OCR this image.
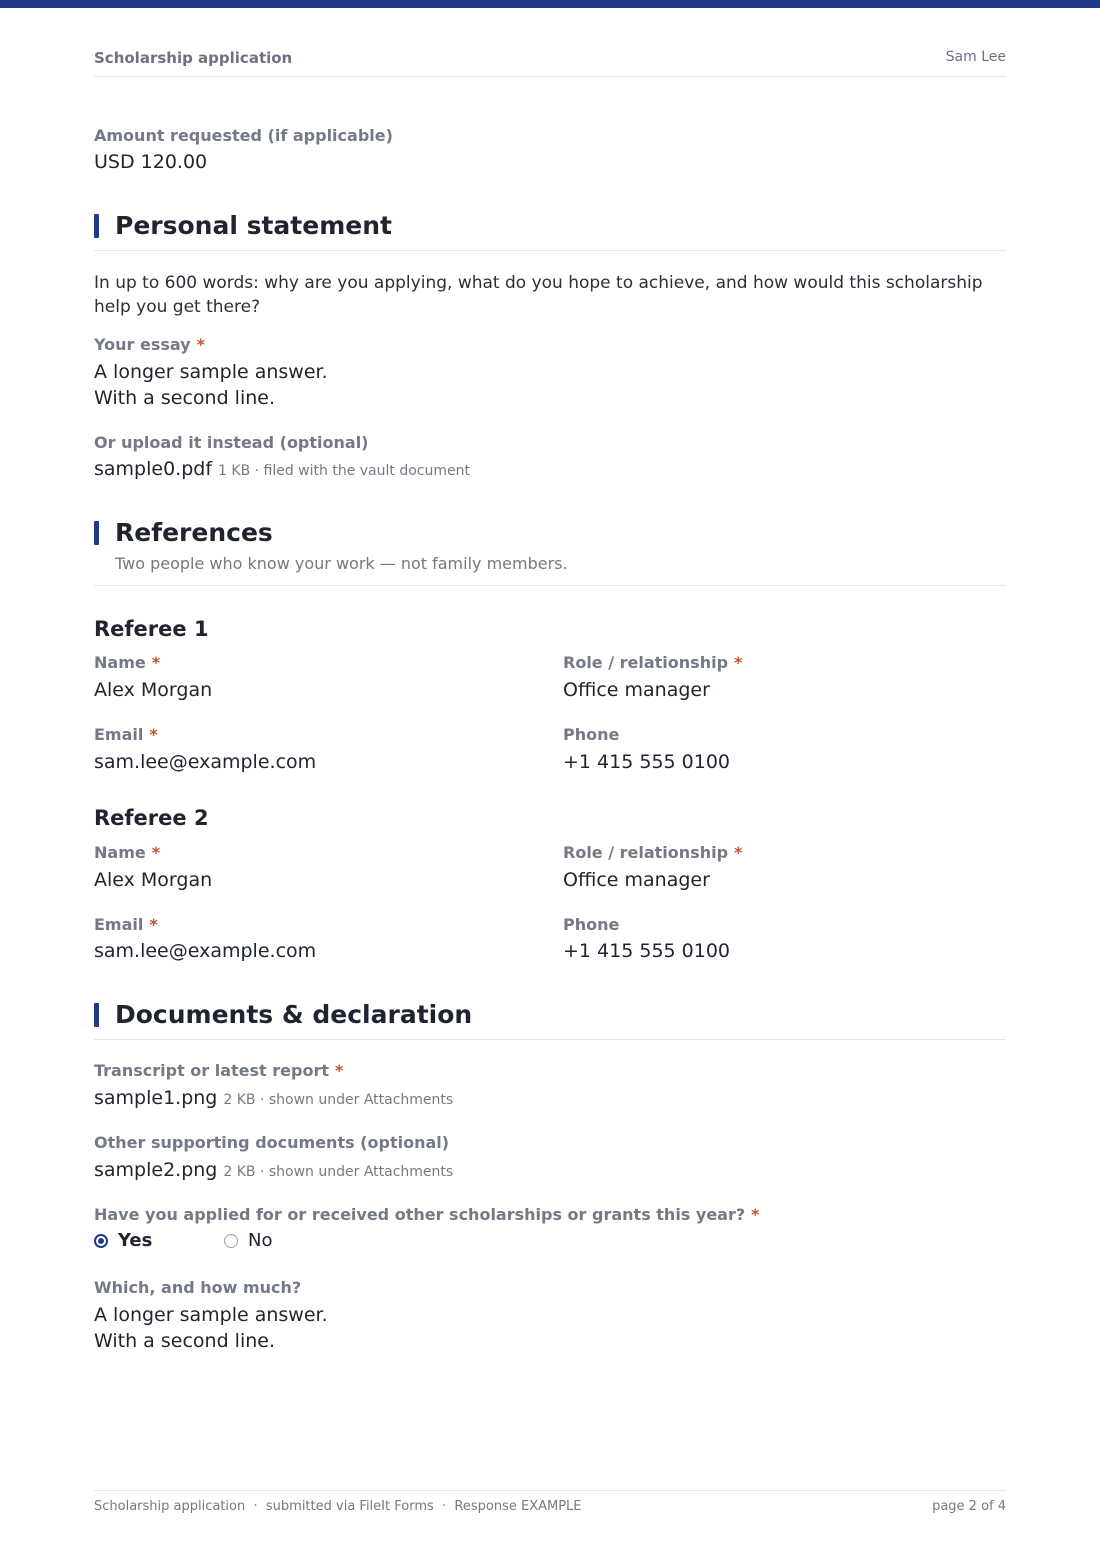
Scholarship application	Sam Lee
Amount requested (if applicable)
USD 120.00
Personal statement
In up to 600 words: why are you applying, what do you hope to achieve, and how would this scholarship help you get there?
Your essay *
A longer sample answer.
With a second line.
Or upload it instead (optional)
sample0.pdf 1 KB · filed with the vault document
References
Two people who know your work — not family members.
Referee 1
Name *
Alex Morgan
Role / relationship *
Office manager
Email *
sam.lee@example.com
Phone
+1 415 555 0100
Referee 2
Name *
Alex Morgan
Role / relationship *
Office manager
Email *
sam.lee@example.com
Phone
+1 415 555 0100
Documents & declaration
Transcript or latest report *
sample1.png 2 KB · shown under Attachments
Other supporting documents (optional)
sample2.png 2 KB · shown under Attachments
Have you applied for or received other scholarships or grants this year? *
Yes	No
Which, and how much?
A longer sample answer.
With a second line.
Scholarship application  ·  submitted via FileIt Forms  ·  Response EXAMPLE	page 2 of 4
